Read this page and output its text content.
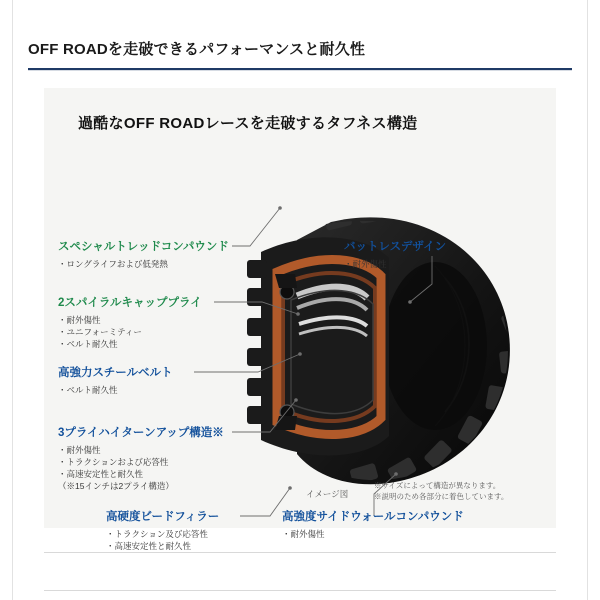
OFF ROADを走破できるパフォーマンスと耐久性
過酷なOFF ROADレースを走破するタフネス構造
スペシャルトレッドコンパウンド
・ロングライフおよび低発熱
2スパイラルキャッププライ
・耐外傷性
・ユニフォーミティー
・ベルト耐久性
高強力スチールベルト
・ベルト耐久性
3プライハイターンアップ構造※
・耐外傷性
・トラクションおよび応答性
・高速安定性と耐久性
（※15インチは2プライ構造）
高硬度ビードフィラー
・トラクション及び応答性
・高速安定性と耐久性
バットレスデザイン
・耐外傷性
高強度サイドウォールコンパウンド
・耐外傷性
イメージ図
※サイズによって構造が異なります。
※説明のため各部分に着色しています。
